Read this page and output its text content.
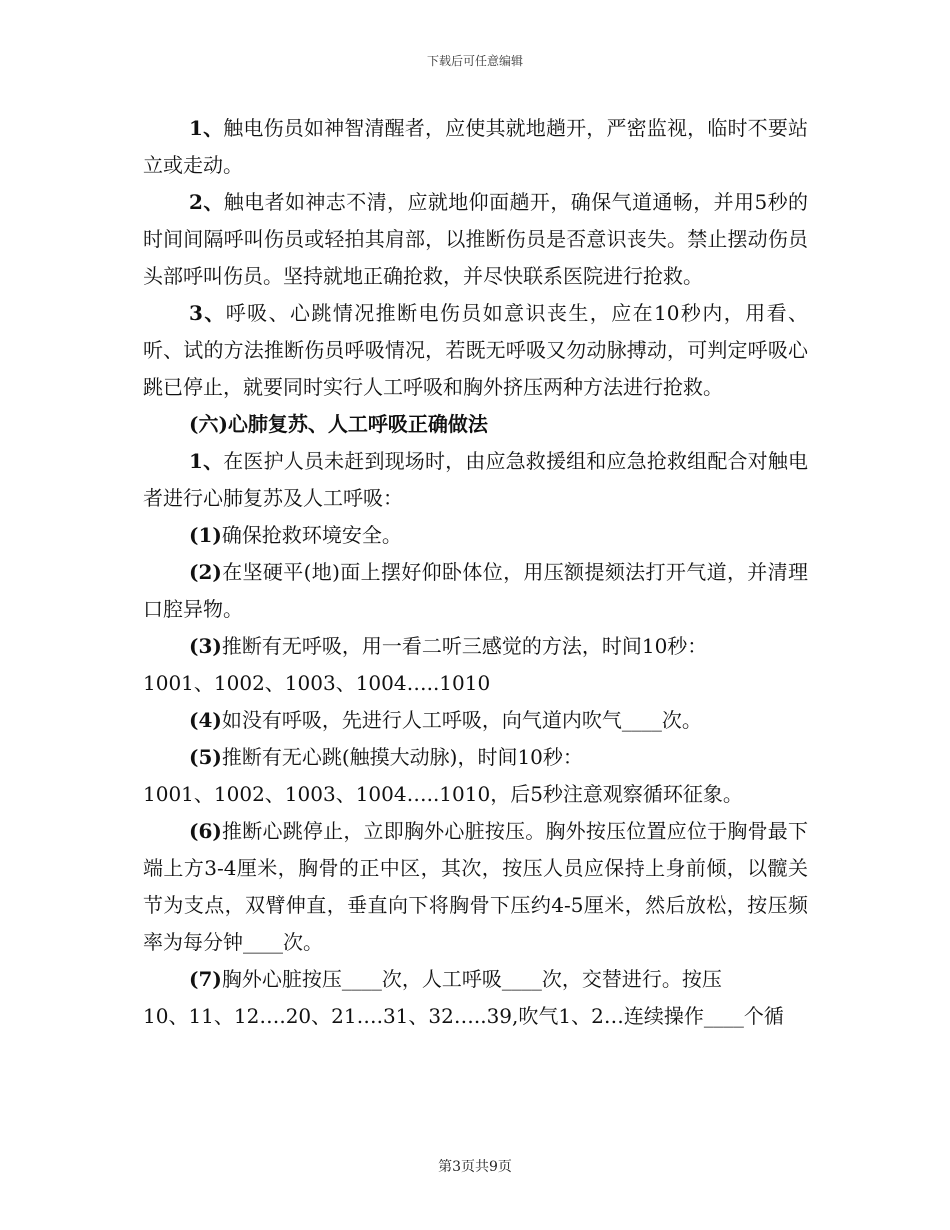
下载后可任意编辑

1、触电伤员如神智清醒者，应使其就地趟开，严密监视，临时不要站立或走动。

2、触电者如神志不清，应就地仰面趟开，确保气道通畅，并用5秒的时间间隔呼叫伤员或轻拍其肩部，以推断伤员是否意识丧失。禁止摆动伤员头部呼叫伤员。坚持就地正确抢救，并尽快联系医院进行抢救。

3、呼吸、心跳情况推断电伤员如意识丧生，应在10秒内，用看、听、试的方法推断伤员呼吸情况，若既无呼吸又勿动脉搏动，可判定呼吸心跳已停止，就要同时实行人工呼吸和胸外挤压两种方法进行抢救。

(六)心肺复苏、人工呼吸正确做法

1、在医护人员未赶到现场时，由应急救援组和应急抢救组配合对触电者进行心肺复苏及人工呼吸：

(1)确保抢救环境安全。

(2)在坚硬平(地)面上摆好仰卧体位，用压额提颏法打开气道，并清理口腔异物。

(3)推断有无呼吸，用一看二听三感觉的方法，时间10秒：

1001、1002、1003、1004…..1010

(4)如没有呼吸，先进行人工呼吸，向气道内吹气____次。

(5)推断有无心跳(触摸大动脉)，时间10秒：

1001、1002、1003、1004…..1010，后5秒注意观察循环征象。

(6)推断心跳停止，立即胸外心脏按压。胸外按压位置应位于胸骨最下端上方3-4厘米，胸骨的正中区，其次，按压人员应保持上身前倾，以髋关节为支点，双臂伸直，垂直向下将胸骨下压约4-5厘米，然后放松，按压频率为每分钟____次。

(7)胸外心脏按压____次，人工呼吸____次，交替进行。按压

10、11、12….20、21….31、32…..39,吹气1、2…连续操作____个循

第3页共9页
